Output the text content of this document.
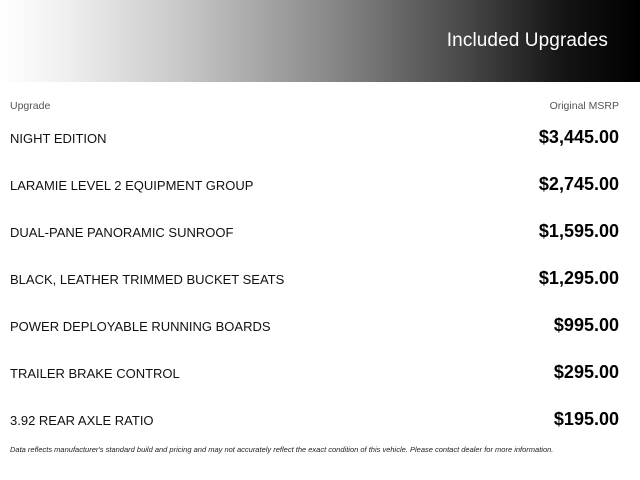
Included Upgrades
Upgrade	Original MSRP
NIGHT EDITION	$3,445.00
LARAMIE LEVEL 2 EQUIPMENT GROUP	$2,745.00
DUAL-PANE PANORAMIC SUNROOF	$1,595.00
BLACK, LEATHER TRIMMED BUCKET SEATS	$1,295.00
POWER DEPLOYABLE RUNNING BOARDS	$995.00
TRAILER BRAKE CONTROL	$295.00
3.92 REAR AXLE RATIO	$195.00
Data reflects manufacturer's standard build and pricing and may not accurately reflect the exact condition of this vehicle. Please contact dealer for more information.
